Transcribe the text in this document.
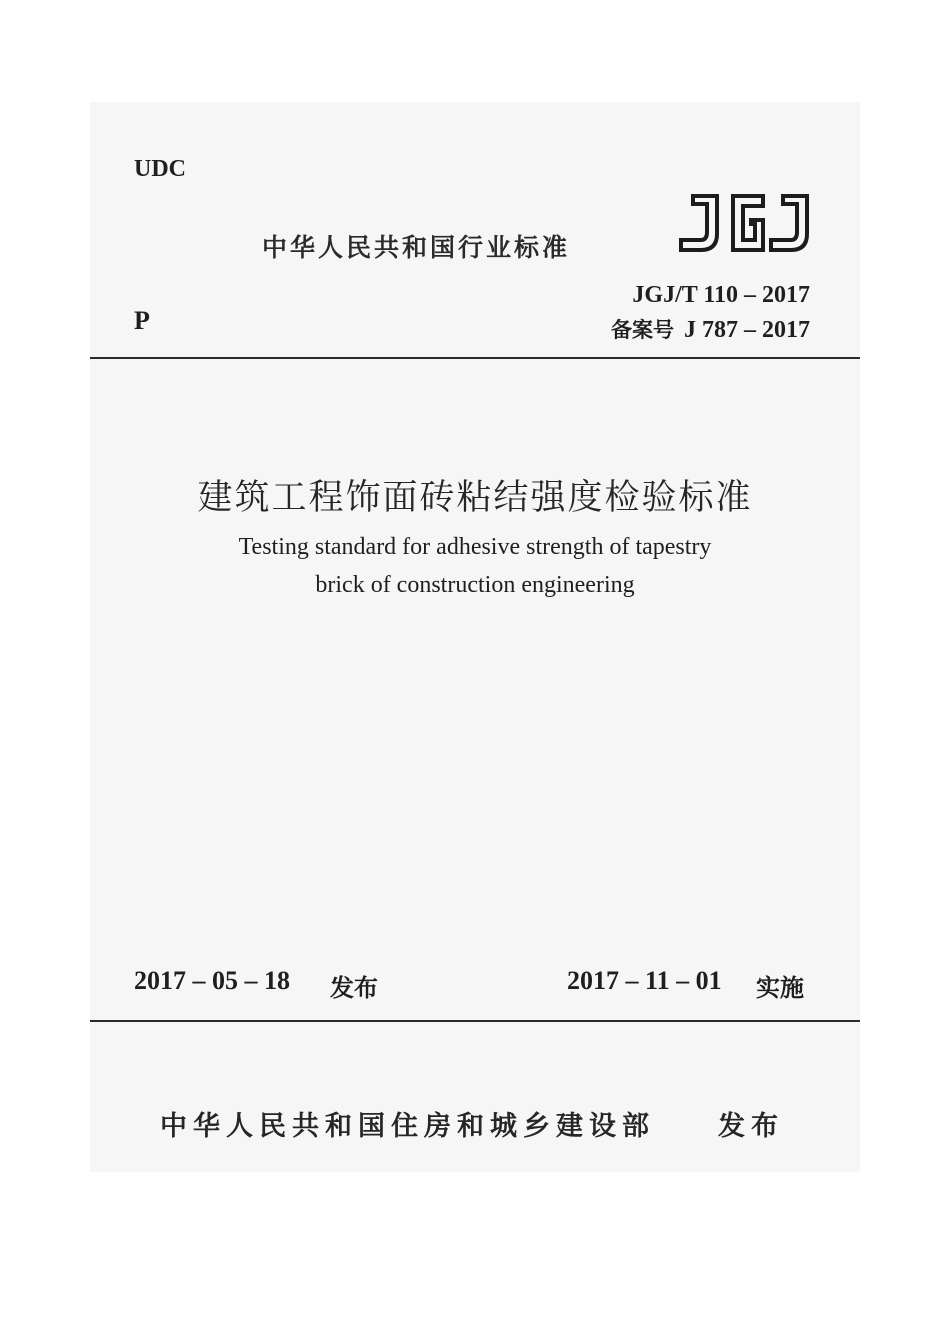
UDC
中华人民共和国行业标准
P
JGJ/T 110 – 2017
备案号 J 787 – 2017
建筑工程饰面砖粘结强度检验标准
Testing standard for adhesive strength of tapestry
brick of construction engineering
2017 – 05 – 18 发布	2017 – 11 – 01 实施
中华人民共和国住房和城乡建设部 发布
